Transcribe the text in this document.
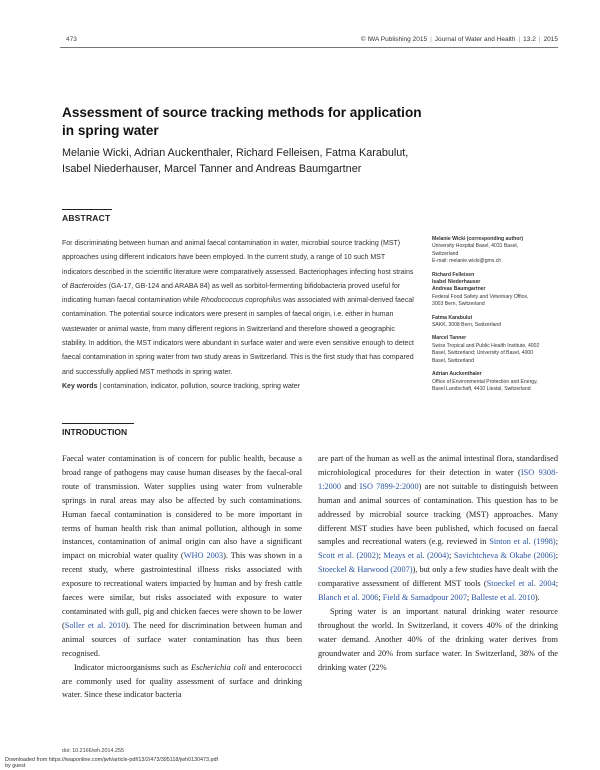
473	© IWA Publishing 2015 | Journal of Water and Health | 13.2 | 2015
Assessment of source tracking methods for application in spring water
Melanie Wicki, Adrian Auckenthaler, Richard Felleisen, Fatma Karabulut,
Isabel Niederhauser, Marcel Tanner and Andreas Baumgartner
ABSTRACT

For discriminating between human and animal faecal contamination in water, microbial source tracking (MST) approaches using different indicators have been employed. In the current study, a range of 10 such MST indicators described in the scientific literature were comparatively assessed. Bacteriophages infecting host strains of Bacteroides (GA-17, GB-124 and ARABA 84) as well as sorbitol-fermenting bifidobacteria proved useful for indicating human faecal contamination while Rhodococcus coprophilus was associated with animal-derived faecal contamination. The potential source indicators were present in samples of faecal origin, i.e. either in human wastewater or animal waste, from many different regions in Switzerland and therefore showed a geographic stability. In addition, the MST indicators were abundant in surface water and were even sensitive enough to detect faecal contamination in spring water from two study areas in Switzerland. This is the first study that has compared and successfully applied MST methods in spring water.

Key words | contamination, indicator, pollution, source tracking, spring water

Melanie Wicki (corresponding author)
University Hospital Basel, 4031 Basel,
Switzerland
E-mail: melanie.wicki@gmx.ch
Richard Felleisen
Isabel Niederhauser
Andreas Baumgartner
Federal Food Safety and Veterinary Office,
3003 Bern, Switzerland
Fatma Karabulut
SAKK, 3008 Bern, Switzerland
Marcel Tanner
Swiss Tropical and Public Health Institute, 4002
Basel, Switzerland; University of Basel, 4000
Basel, Switzerland
Adrian Auckenthaler
Office of Environmental Protection and Energy,
Basel Landschaft, 4410 Liestal, Switzerland
INTRODUCTION

Faecal water contamination is of concern for public health, because a broad range of pathogens may cause human diseases by the faecal-oral route of transmission. Water supplies using water from vulnerable springs in rural areas may also be affected by such contaminations. Human faecal contamination is considered to be more important in terms of human health risk than animal pollution, although in some instances, contamination of animal origin can also have a significant impact on microbial water quality (WHO 2003). This was shown in a recent study, where gastrointestinal illness risks associated with exposure to recreational waters impacted by human and by fresh cattle faeces were similar, but risks associated with exposure to water contaminated with gull, pig and chicken faeces were shown to be lower (Soller et al. 2010). The need for discrimination between human and animal sources of surface water contamination has thus been recognised.

Indicator microorganisms such as Escherichia coli and enterococci are commonly used for quality assessment of surface and drinking water. Since these indicator bacteria

are part of the human as well as the animal intestinal flora, standardised microbiological procedures for their detection in water (ISO 9308-1:2000 and ISO 7899-2:2000) are not suitable to distinguish between human and animal sources of contamination. This question has to be addressed by microbial source tracking (MST) approaches. Many different MST studies have been published, which focused on faecal samples and recreational waters (e.g. reviewed in Sinton et al. (1998); Scott et al. (2002); Meays et al. (2004); Savichtcheva & Okabe (2006); Stoeckel & Harwood (2007)), but only a few studies have dealt with the comparative assessment of different MST tools (Stoeckel et al. 2004; Blanch et al. 2006; Field & Samadpour 2007; Balleste et al. 2010).

Spring water is an important natural drinking water resource throughout the world. In Switzerland, it covers 40% of the drinking water demand. Another 40% of the drinking water derives from groundwater and 20% from surface water. In Switzerland, 38% of the drinking water (22%

doi: 10.2166/wh.2014.255
Downloaded from https://iwaponline.com/jwh/article-pdf/13/2/473/395118/jwh0130473.pdf
by guest
